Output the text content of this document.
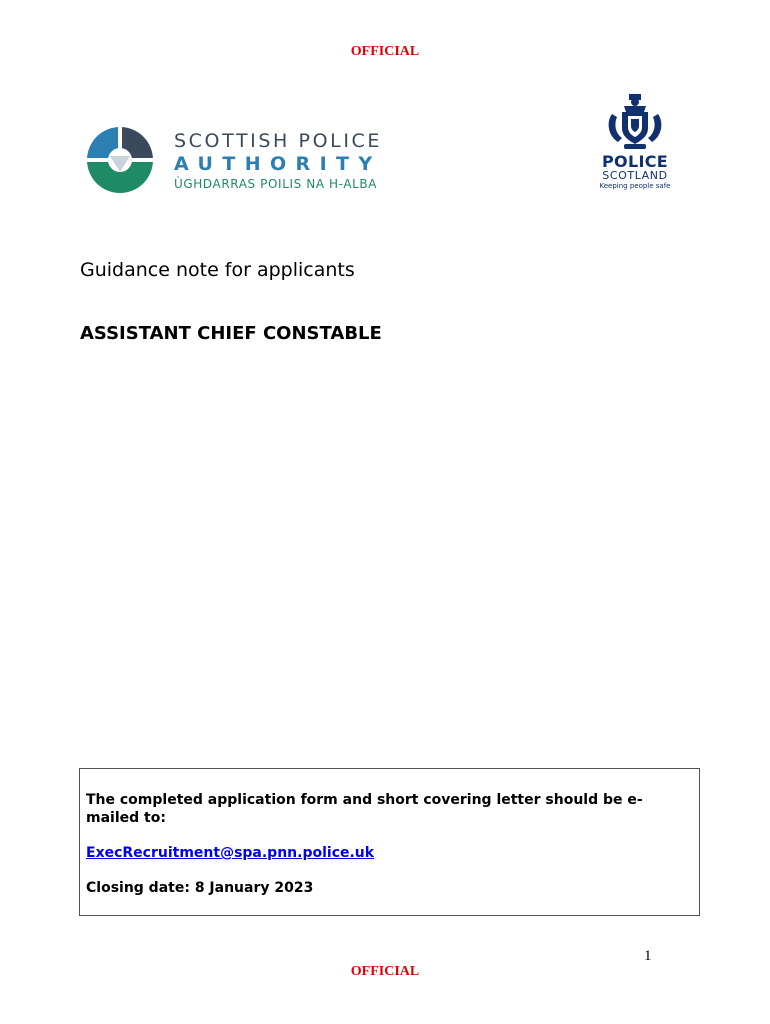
OFFICIAL
SCOTTISH POLICE
AUTHORITY
ÙGHDARRAS POILIS NA H-ALBA
POLICE
SCOTLAND
Keeping people safe
Guidance note for applicants
ASSISTANT CHIEF CONSTABLE

The completed application form and short covering letter should be e-mailed to:

ExecRecruitment@spa.pnn.police.uk

Closing date: 8 January 2023

1
OFFICIAL
